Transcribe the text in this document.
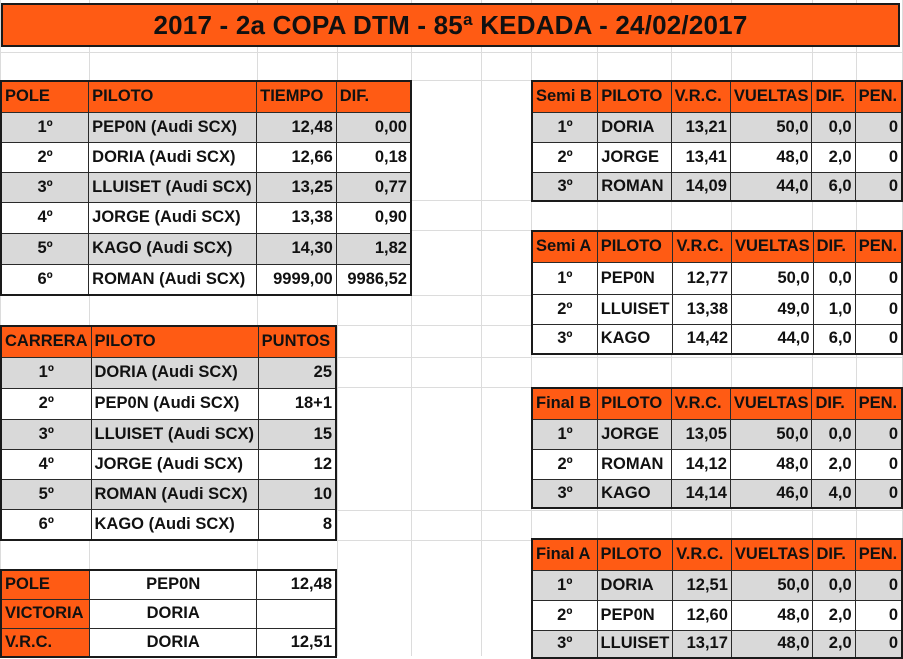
2017 - 2a COPA DTM - 85ª KEDADA - 24/02/2017
POLE	PILOTO	TIEMPO	DIF.
1º	PEP0N (Audi SCX)	12,48	0,00
2º	DORIA (Audi SCX)	12,66	0,18
3º	LLUISET (Audi SCX)	13,25	0,77
4º	JORGE (Audi SCX)	13,38	0,90
5º	KAGO (Audi SCX)	14,30	1,82
6º	ROMAN (Audi SCX)	9999,00	9986,52
CARRERA	PILOTO	PUNTOS
1º	DORIA (Audi SCX)	25
2º	PEP0N (Audi SCX)	18+1
3º	LLUISET (Audi SCX)	15
4º	JORGE (Audi SCX)	12
5º	ROMAN (Audi SCX)	10
6º	KAGO (Audi SCX)	8
POLE	PEP0N	12,48
VICTORIA	DORIA	
V.R.C.	DORIA	12,51
Semi B	PILOTO	V.R.C.	VUELTAS	DIF.	PEN.
1º	DORIA	13,21	50,0	0,0	0
2º	JORGE	13,41	48,0	2,0	0
3º	ROMAN	14,09	44,0	6,0	0
Semi A	PILOTO	V.R.C.	VUELTAS	DIF.	PEN.
1º	PEP0N	12,77	50,0	0,0	0
2º	LLUISET	13,38	49,0	1,0	0
3º	KAGO	14,42	44,0	6,0	0
Final B	PILOTO	V.R.C.	VUELTAS	DIF.	PEN.
1º	JORGE	13,05	50,0	0,0	0
2º	ROMAN	14,12	48,0	2,0	0
3º	KAGO	14,14	46,0	4,0	0
Final A	PILOTO	V.R.C.	VUELTAS	DIF.	PEN.
1º	DORIA	12,51	50,0	0,0	0
2º	PEP0N	12,60	48,0	2,0	0
3º	LLUISET	13,17	48,0	2,0	0
